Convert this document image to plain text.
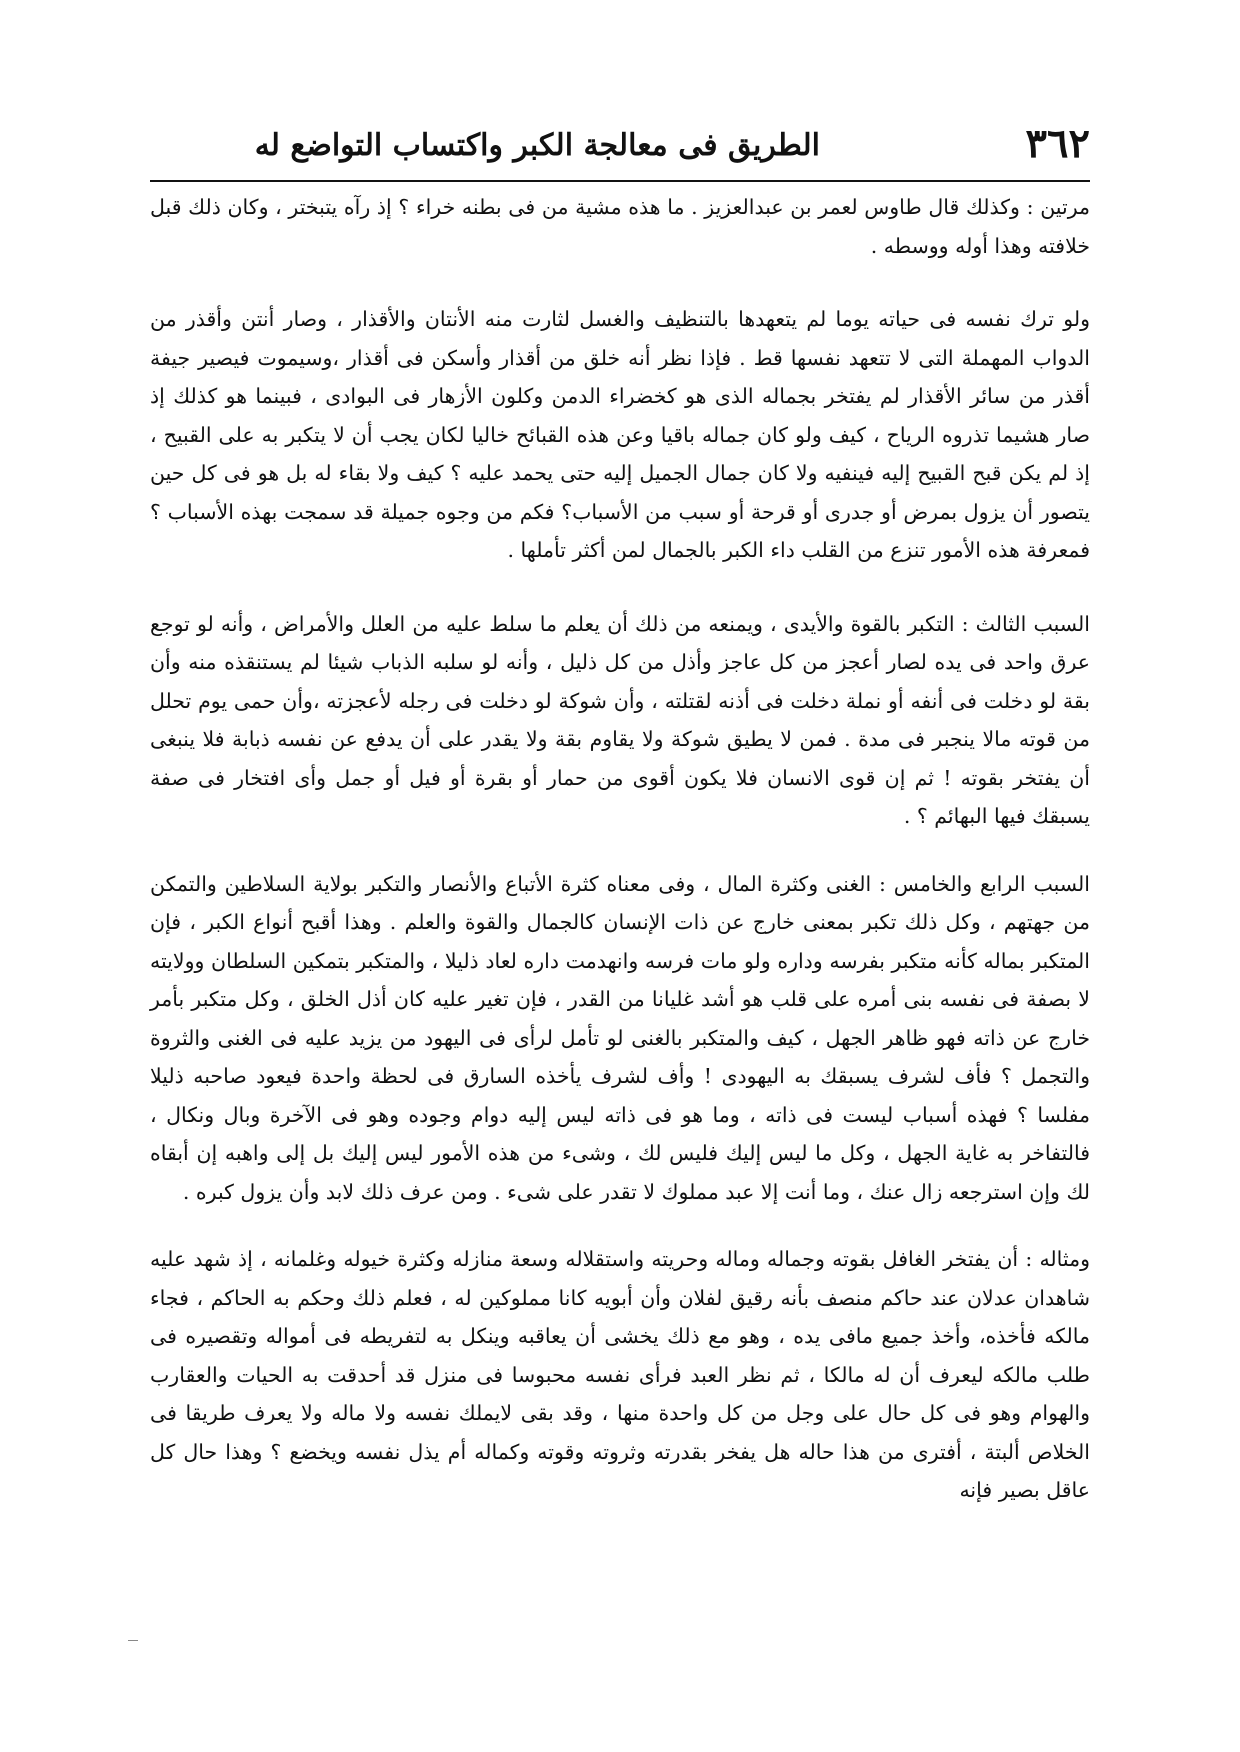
٣٦٢
الطريق فى معالجة الكبر واكتساب التواضع له

مرتين : وكذلك قال طاوس لعمر بن عبدالعزيز . ما هذه مشية من فى بطنه خراء ؟ إذ رآه يتبختر ، وكان ذلك قبل خلافته وهذا أوله ووسطه .

ولو ترك نفسه فى حياته يوما لم يتعهدها بالتنظيف والغسل لثارت منه الأنتان والأقذار ، وصار أنتن وأقذر من الدواب المهملة التى لا تتعهد نفسها قط . فإذا نظر أنه خلق من أقذار وأسكن فى أقذار ،وسيموت فيصير جيفة أقذر من سائر الأقذار لم يفتخر بجماله الذى هو كخضراء الدمن وكلون الأزهار فى البوادى ، فبينما هو كذلك إذ صار هشيما تذروه الرياح ، كيف ولو كان جماله باقيا وعن هذه القبائح خاليا لكان يجب أن لا يتكبر به على القبيح ، إذ لم يكن قبح القبيح إليه فينفيه ولا كان جمال الجميل إليه حتى يحمد عليه ؟ كيف ولا بقاء له بل هو فى كل حين يتصور أن يزول بمرض أو جدرى أو قرحة أو سبب من الأسباب؟ فكم من وجوه جميلة قد سمجت بهذه الأسباب ؟ فمعرفة هذه الأمور تنزع من القلب داء الكبر بالجمال لمن أكثر تأملها .

السبب الثالث : التكبر بالقوة والأيدى ، ويمنعه من ذلك أن يعلم ما سلط عليه من العلل والأمراض ، وأنه لو توجع عرق واحد فى يده لصار أعجز من كل عاجز وأذل من كل ذليل ، وأنه لو سلبه الذباب شيئا لم يستنقذه منه وأن بقة لو دخلت فى أنفه أو نملة دخلت فى أذنه لقتلته ، وأن شوكة لو دخلت فى رجله لأعجزته ،وأن حمى يوم تحلل من قوته مالا ينجبر فى مدة . فمن لا يطيق شوكة ولا يقاوم بقة ولا يقدر على أن يدفع عن نفسه ذبابة فلا ينبغى أن يفتخر بقوته ! ثم إن قوى الانسان فلا يكون أقوى من حمار أو بقرة أو فيل أو جمل وأى افتخار فى صفة يسبقك فيها البهائم ؟ .

السبب الرابع والخامس : الغنى وكثرة المال ، وفى معناه كثرة الأتباع والأنصار والتكبر بولاية السلاطين والتمكن من جهتهم ، وكل ذلك تكبر بمعنى خارج عن ذات الإنسان كالجمال والقوة والعلم . وهذا أقبح أنواع الكبر ، فإن المتكبر بماله كأنه متكبر بفرسه وداره ولو مات فرسه وانهدمت داره لعاد ذليلا ، والمتكبر بتمكين السلطان وولايته لا بصفة فى نفسه بنى أمره على قلب هو أشد غليانا من القدر ، فإن تغير عليه كان أذل الخلق ، وكل متكبر بأمر خارج عن ذاته فهو ظاهر الجهل ، كيف والمتكبر بالغنى لو تأمل لرأى فى اليهود من يزيد عليه فى الغنى والثروة والتجمل ؟ فأف لشرف يسبقك به اليهودى ! وأف لشرف يأخذه السارق فى لحظة واحدة فيعود صاحبه ذليلا مفلسا ؟ فهذه أسباب ليست فى ذاته ، وما هو فى ذاته ليس إليه دوام وجوده وهو فى الآخرة وبال ونكال ، فالتفاخر به غاية الجهل ، وكل ما ليس إليك فليس لك ، وشىء من هذه الأمور ليس إليك بل إلى واهبه إن أبقاه لك وإن استرجعه زال عنك ، وما أنت إلا عبد مملوك لا تقدر على شىء . ومن عرف ذلك لابد وأن يزول كبره .

ومثاله : أن يفتخر الغافل بقوته وجماله وماله وحريته واستقلاله وسعة منازله وكثرة خيوله وغلمانه ، إذ شهد عليه شاهدان عدلان عند حاكم منصف بأنه رقيق لفلان وأن أبويه كانا مملوكين له ، فعلم ذلك وحكم به الحاكم ، فجاء مالكه فأخذه، وأخذ جميع مافى يده ، وهو مع ذلك يخشى أن يعاقبه وينكل به لتفريطه فى أمواله وتقصيره فى طلب مالكه ليعرف أن له مالكا ، ثم نظر العبد فرأى نفسه محبوسا فى منزل قد أحدقت به الحيات والعقارب والهوام وهو فى كل حال على وجل من كل واحدة منها ، وقد بقى لايملك نفسه ولا ماله ولا يعرف طريقا فى الخلاص ألبتة ، أفترى من هذا حاله هل يفخر بقدرته وثروته وقوته وكماله أم يذل نفسه ويخضع ؟ وهذا حال كل عاقل بصير فإنه
